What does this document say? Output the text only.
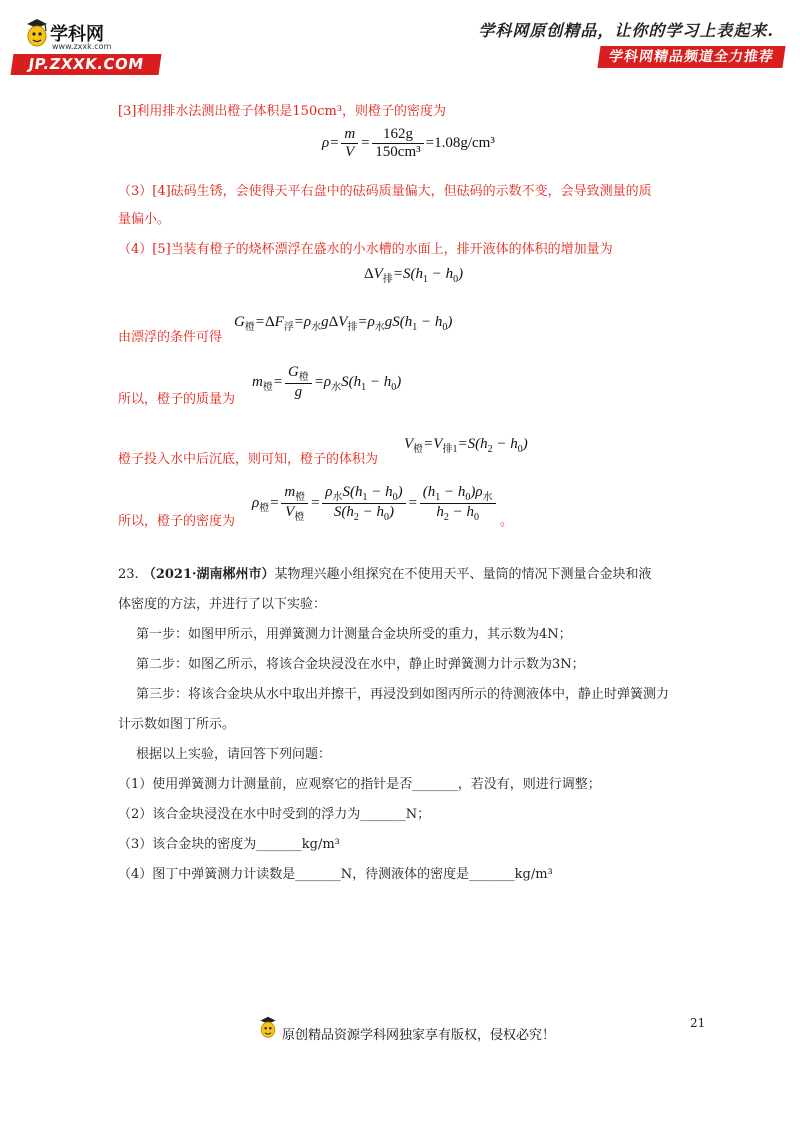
学科网
www.zxxk.com
JP.ZXXK.COM
学科网原创精品，让你的学习上表起来.
学科网精品频道全力推荐
[3]利用排水法测出橙子体积是150cm³，则橙子的密度为
$\rho= \frac{m}{V} = \frac{162g}{\text{150cm³}} =1.08g/cm^3$
（3）[4]砝码生锈，会使得天平右盘中的砝码质量偏大，但砝码的示数不变，会导致测量的质
量偏小。
（4）[5]当装有橙子的烧杯漂浮在盛水的小水槽的水面上，排开液体的体积的增加量为
$\Delta V_排=S(h_1 - h_0)$
由漂浮的条件可得
$G_橙=\Delta F_浮=\rho_水g\Delta V_排=\rho_水gS(h_1 - h_0)$
所以，橙子的质量为
$m_橙= \frac{G_橙}{g} =\rho_水S(h_1 - h_0)$
橙子投入水中后沉底，则可知，橙子的体积为
$V_橙=V_{排1}=S(h_2 - h_0)$
所以，橙子的密度为
$\rho_橙= \frac{m_橙}{V_橙} = \frac{\rho_水S(h_1 - h_0)}{S(h_2 - h_0)} = \frac{(h_1 - h_0)\rho_水}{h_2 - h_0}$ 。
23. （2021·湖南郴州市）某物理兴趣小组探究在不使用天平、量筒的情况下测量合金块和液
体密度的方法，并进行了以下实验：
第一步：如图甲所示，用弹簧测力计测量合金块所受的重力，其示数为4N；
第二步：如图乙所示，将该合金块浸没在水中，静止时弹簧测力计示数为3N；
第三步：将该合金块从水中取出并擦干，再浸没到如图丙所示的待测液体中，静止时弹簧测力
计示数如图丁所示。
根据以上实验，请回答下列问题：
（1）使用弹簧测力计测量前，应观察它的指针是否_______，若没有，则进行调整；
（2）该合金块浸没在水中时受到的浮力为_______N；
（3）该合金块的密度为_______kg/m³
（4）图丁中弹簧测力计读数是_______N，待测液体的密度是_______kg/m³
21
原创精品资源学科网独家享有版权，侵权必究！
